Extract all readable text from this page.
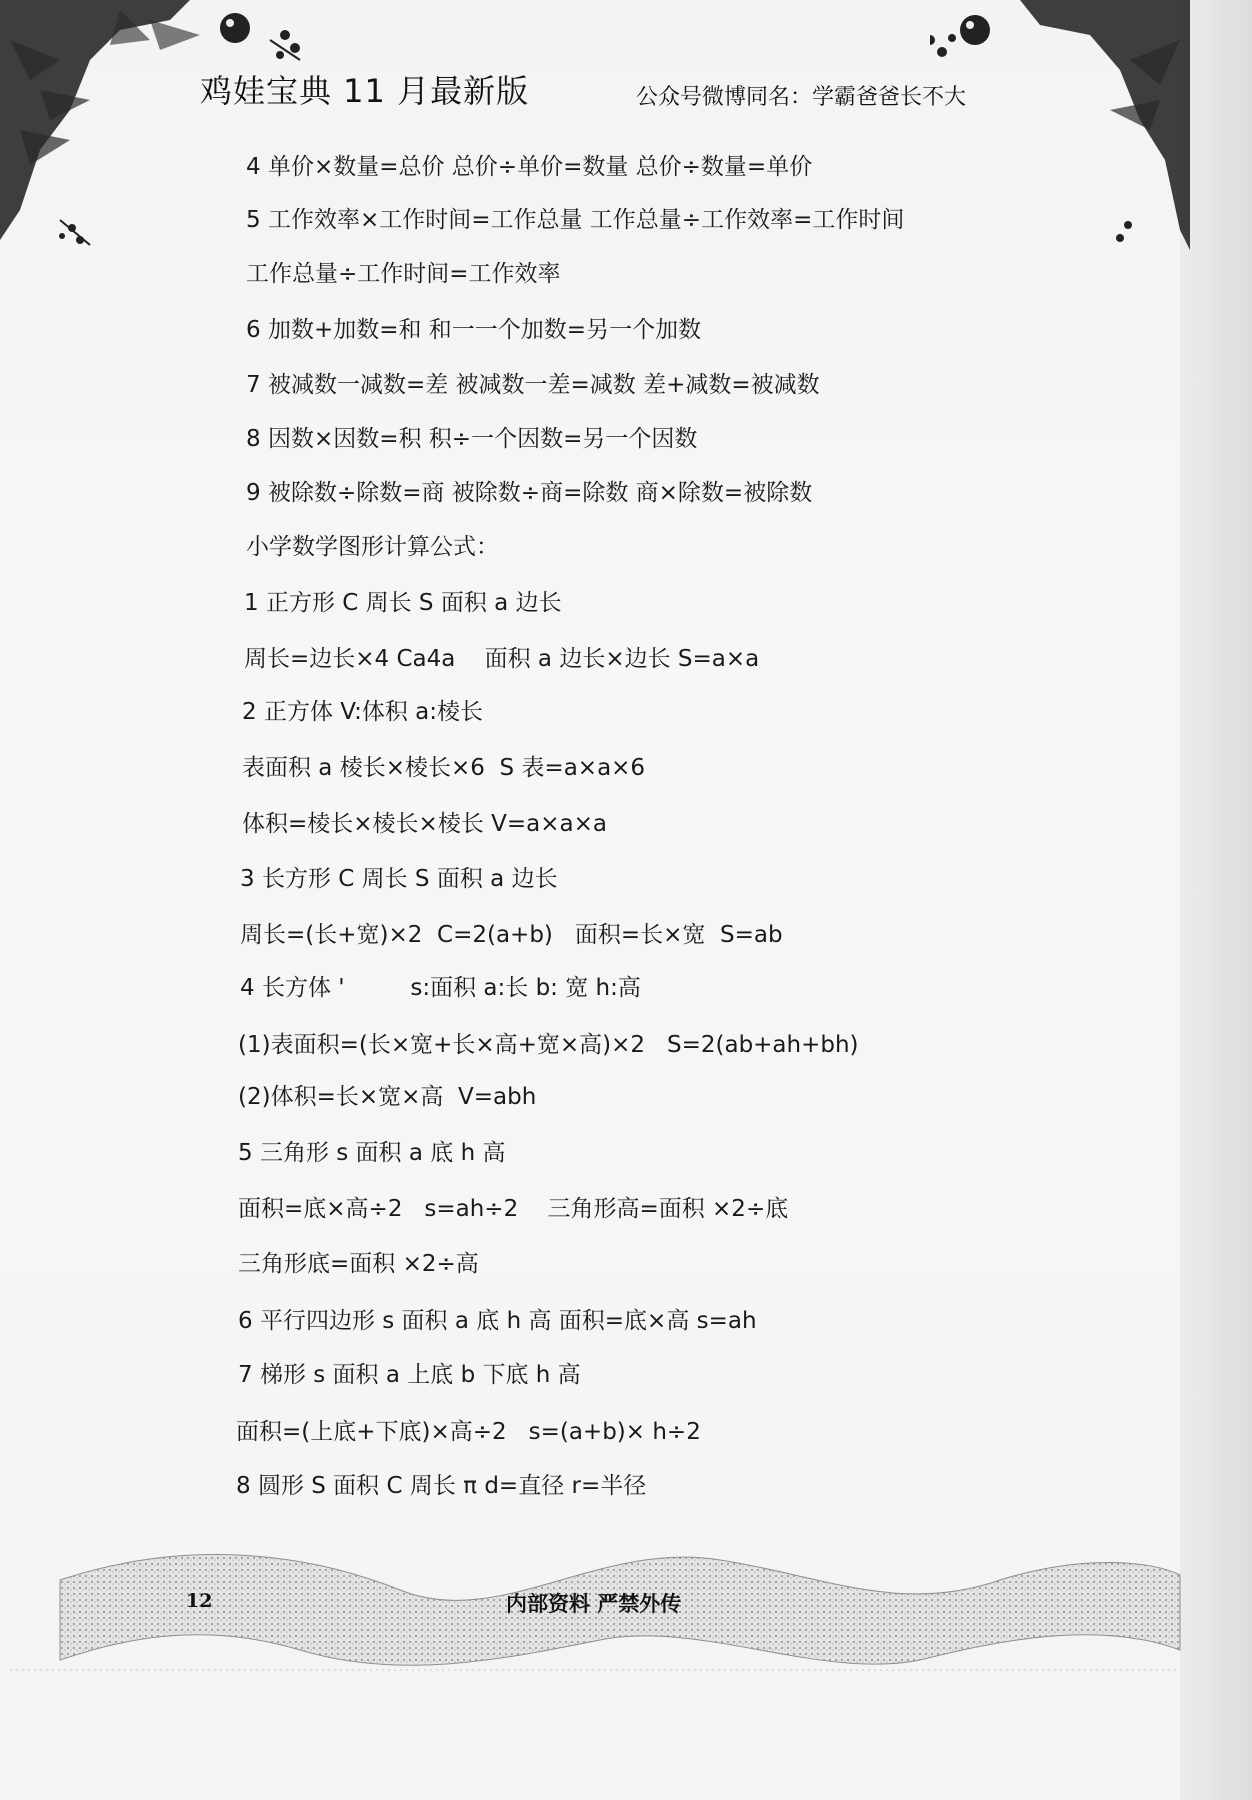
鸡娃宝典 11 月最新版	公众号微博同名：学霸爸爸长不大
4 单价×数量=总价 总价÷单价=数量 总价÷数量=单价
5 工作效率×工作时间=工作总量 工作总量÷工作效率=工作时间
工作总量÷工作时间=工作效率
6 加数+加数=和 和一一个加数=另一个加数
7 被减数一减数=差 被减数一差=减数 差+减数=被减数
8 因数×因数=积 积÷一个因数=另一个因数
9 被除数÷除数=商 被除数÷商=除数 商×除数=被除数
小学数学图形计算公式：
1 正方形 C 周长 S 面积 a 边长
周长=边长×4 Ca4a    面积 a 边长×边长 S=a×a
2 正方体 V:体积 a:棱长
表面积 a 棱长×棱长×6  S 表=a×a×6
体积=棱长×棱长×棱长 V=a×a×a
3 长方形 C 周长 S 面积 a 边长
周长=(长+宽)×2  C=2(a+b)   面积=长×宽  S=ab
4 长方体 '         s:面积 a:长 b: 宽 h:高
(1)表面积=(长×宽+长×高+宽×高)×2   S=2(ab+ah+bh)
(2)体积=长×宽×高  V=abh
5 三角形 s 面积 a 底 h 高
面积=底×高÷2   s=ah÷2    三角形高=面积 ×2÷底
三角形底=面积 ×2÷高
6 平行四边形 s 面积 a 底 h 高 面积=底×高 s=ah
7 梯形 s 面积 a 上底 b 下底 h 高
面积=(上底+下底)×高÷2   s=(a+b)× h÷2
8 圆形 S 面积 C 周长 π d=直径 r=半径
12	内部资料 严禁外传
